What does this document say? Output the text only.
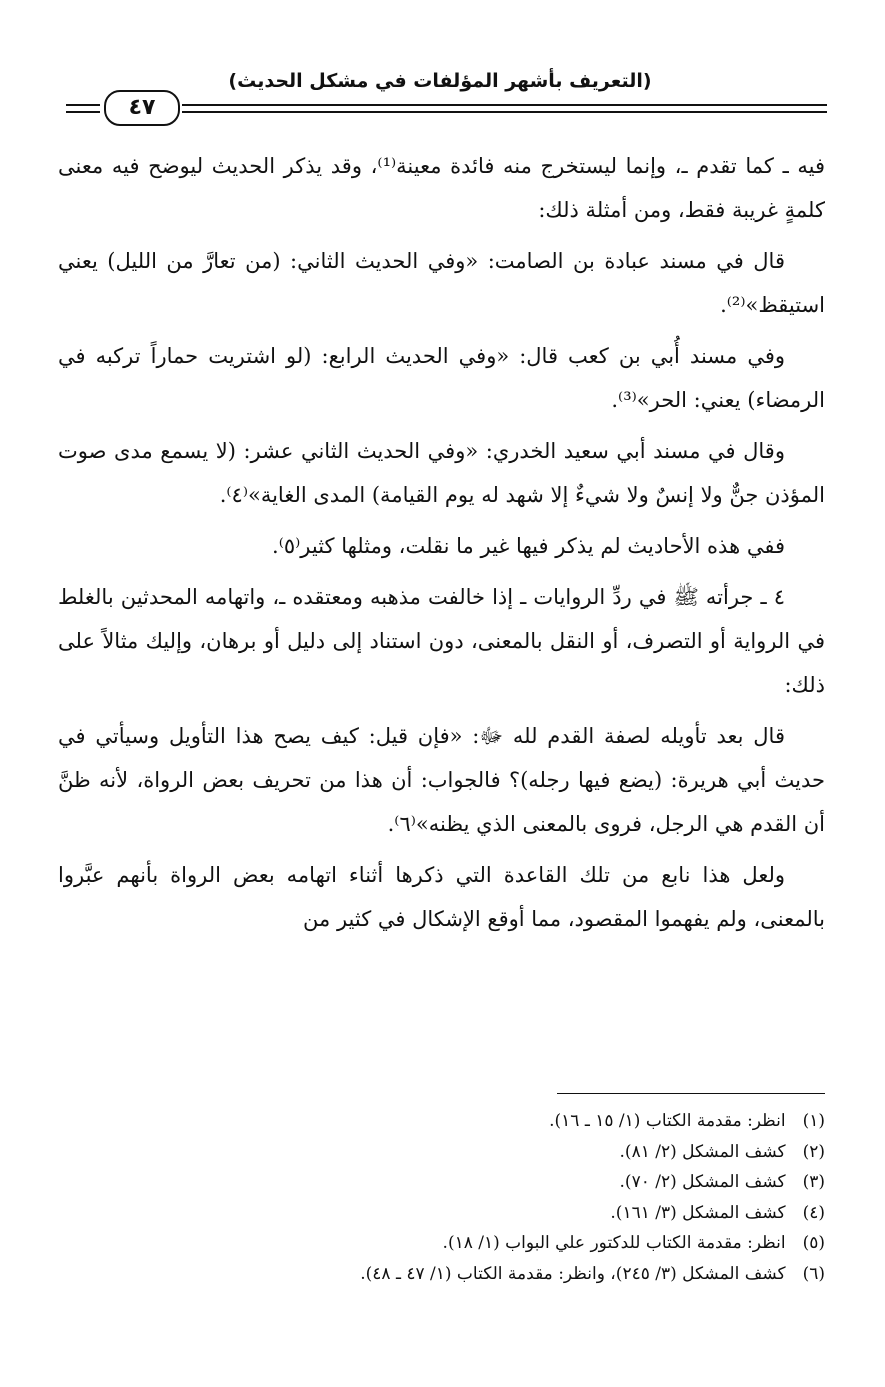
(التعريف بأشهر المؤلفات في مشكل الحديث)
٤٧

فيه ـ كما تقدم ـ، وإنما ليستخرج منه فائدة معينة⁽¹⁾، وقد يذكر الحديث ليوضح فيه معنى كلمةٍ غريبة فقط، ومن أمثلة ذلك:

قال في مسند عبادة بن الصامت: «وفي الحديث الثاني: (من تعارَّ من الليل) يعني استيقظ»⁽²⁾.

وفي مسند أُبي بن كعب قال: «وفي الحديث الرابع: (لو اشتريت حماراً تركبه في الرمضاء) يعني: الحر»⁽³⁾.

وقال في مسند أبي سعيد الخدري: «وفي الحديث الثاني عشر: (لا يسمع مدى صوت المؤذن جنٌّ ولا إنسٌ ولا شيءٌ إلا شهد له يوم القيامة) المدى الغاية»⁽٤⁾.

ففي هذه الأحاديث لم يذكر فيها غير ما نقلت، ومثلها كثير⁽٥⁾.

٤ ـ جرأته ﷺ في ردِّ الروايات ـ إذا خالفت مذهبه ومعتقده ـ، واتهامه المحدثين بالغلط في الرواية أو التصرف، أو النقل بالمعنى، دون استناد إلى دليل أو برهان، وإليك مثالاً على ذلك:

قال بعد تأويله لصفة القدم لله ﷻ: «فإن قيل: كيف يصح هذا التأويل وسيأتي في حديث أبي هريرة: (يضع فيها رجله)؟ فالجواب: أن هذا من تحريف بعض الرواة، لأنه ظنَّ أن القدم هي الرجل، فروى بالمعنى الذي يظنه»⁽٦⁾.

ولعل هذا نابع من تلك القاعدة التي ذكرها أثناء اتهامه بعض الرواة بأنهم عبَّروا بالمعنى، ولم يفهموا المقصود، مما أوقع الإشكال في كثير من

(١) انظر: مقدمة الكتاب (١/ ١٥ ـ ١٦).
(٢) كشف المشكل (٢/ ٨١).
(٣) كشف المشكل (٢/ ٧٠).
(٤) كشف المشكل (٣/ ١٦١).
(٥) انظر: مقدمة الكتاب للدكتور علي البواب (١/ ١٨).
(٦) كشف المشكل (٣/ ٢٤٥)، وانظر: مقدمة الكتاب (١/ ٤٧ ـ ٤٨).
